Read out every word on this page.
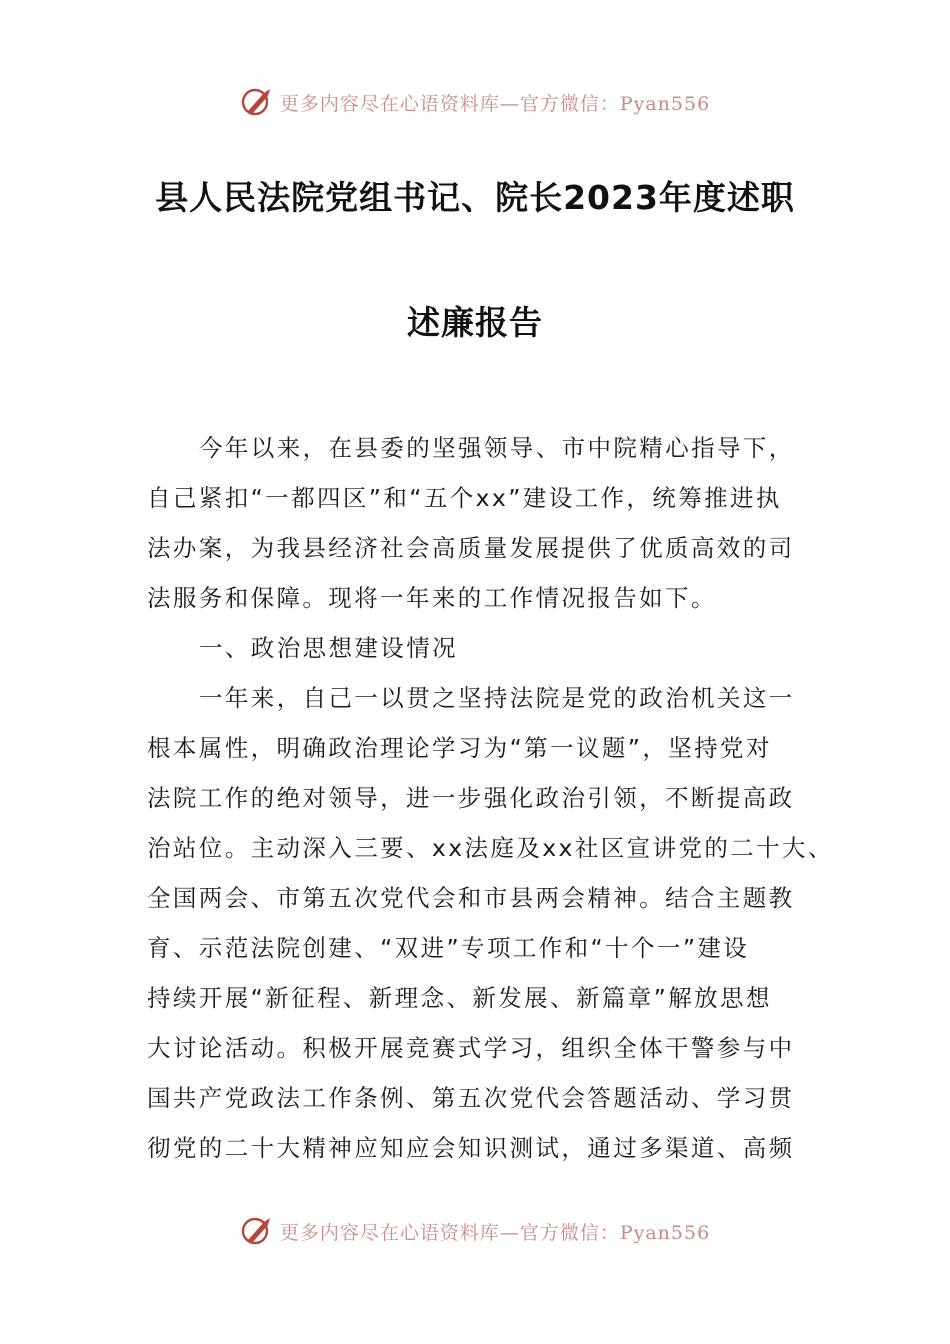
更多内容尽在心语资料库—官方微信：Pyan556
县人民法院党组书记、院长2023年度述职
述廉报告
今年以来，在县委的坚强领导、市中院精心指导下，
自己紧扣“一都四区”和“五个xx”建设工作，统筹推进执
法办案，为我县经济社会高质量发展提供了优质高效的司
法服务和保障。现将一年来的工作情况报告如下。
一、政治思想建设情况
一年来，自己一以贯之坚持法院是党的政治机关这一
根本属性，明确政治理论学习为“第一议题”，坚持党对
法院工作的绝对领导，进一步强化政治引领，不断提高政
治站位。主动深入三要、xx法庭及xx社区宣讲党的二十大、
全国两会、市第五次党代会和市县两会精神。结合主题教
育、示范法院创建、“双进”专项工作和“十个一”建设
持续开展“新征程、新理念、新发展、新篇章”解放思想
大讨论活动。积极开展竞赛式学习，组织全体干警参与中
国共产党政法工作条例、第五次党代会答题活动、学习贯
彻党的二十大精神应知应会知识测试，通过多渠道、高频
更多内容尽在心语资料库—官方微信：Pyan556
